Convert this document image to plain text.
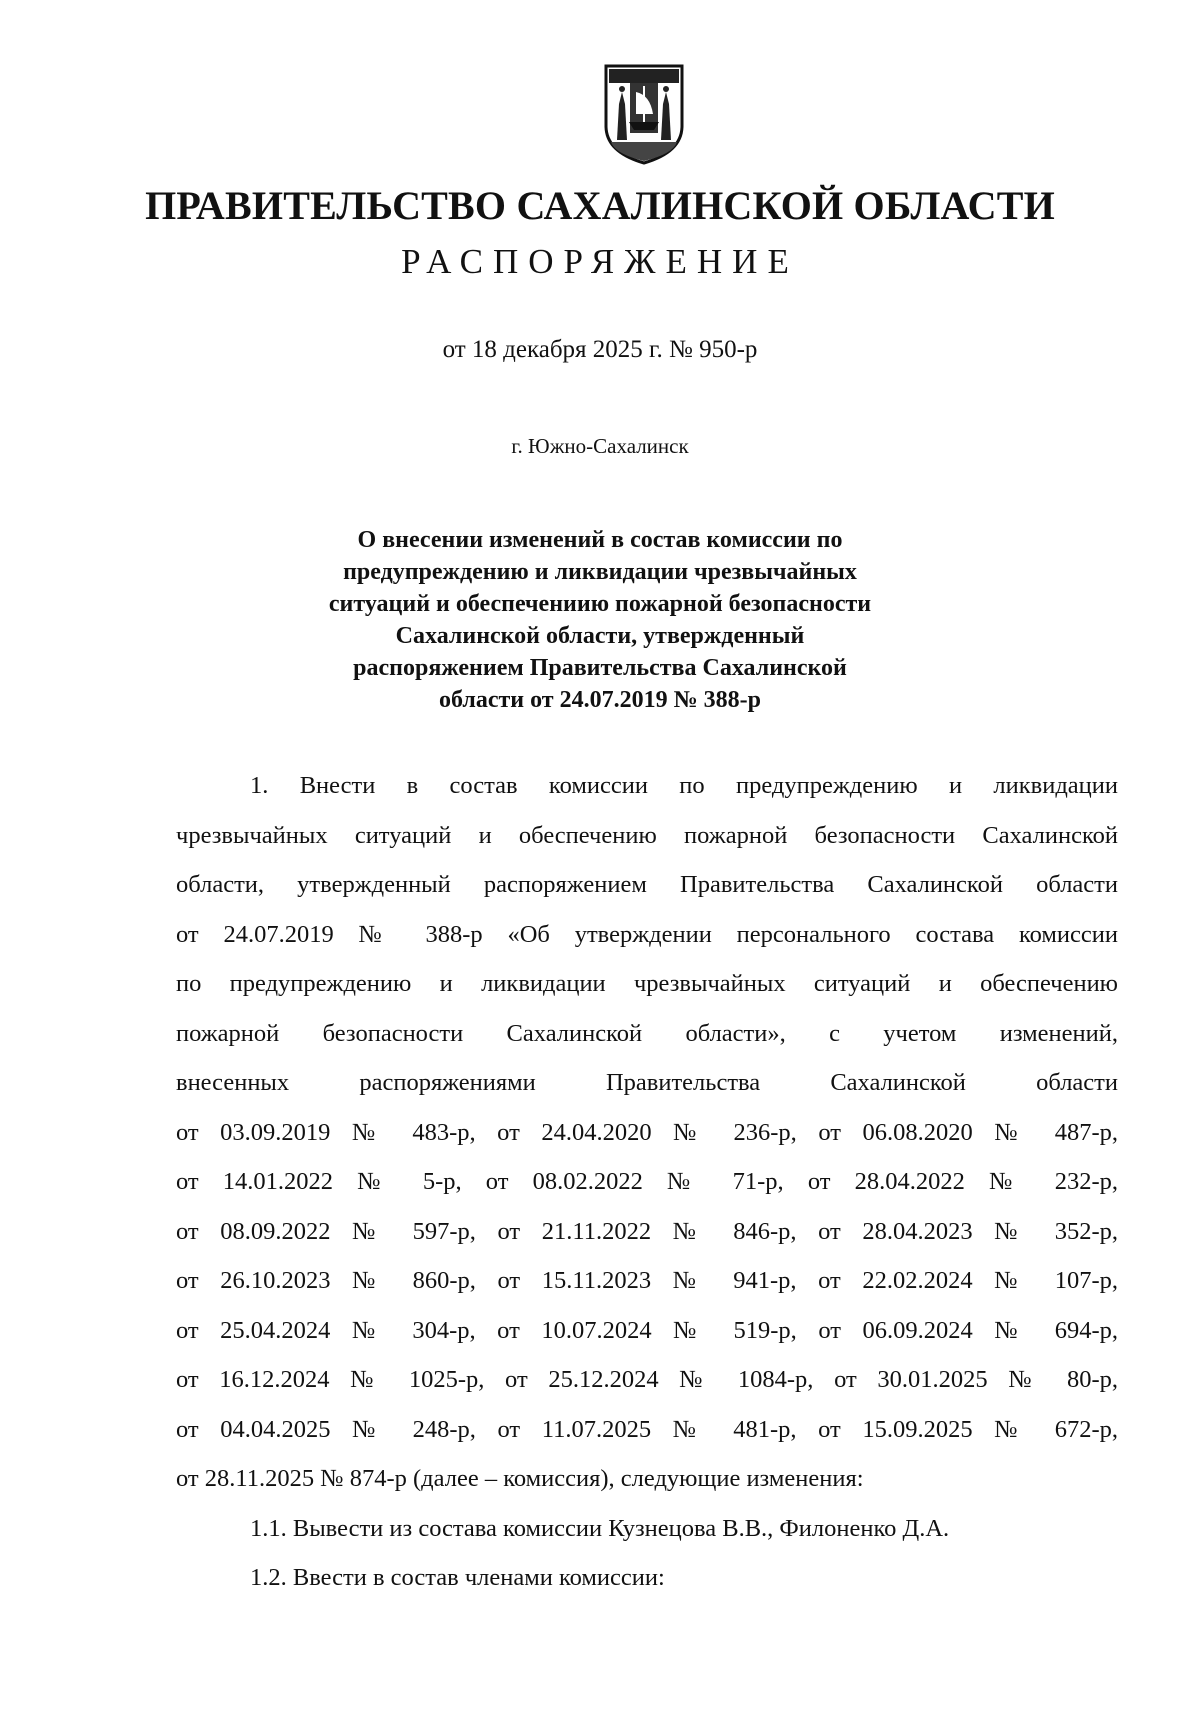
ПРАВИТЕЛЬСТВО САХАЛИНСКОЙ ОБЛАСТИ
РАСПОРЯЖЕНИЕ
от 18 декабря 2025 г. № 950-р
г. Южно-Сахалинск
О внесении изменений в состав комиссии по
предупреждению и ликвидации чрезвычайных
ситуаций и обеспечениию пожарной безопасности
Сахалинской области, утвержденный
распоряжением Правительства Сахалинской
области от 24.07.2019 № 388-р
1. Внести в состав комиссии по предупреждению и ликвидации
чрезвычайных ситуаций и обеспечению пожарной безопасности Сахалинской
области, утвержденный распоряжением Правительства Сахалинской области
от 24.07.2019 № 388-р «Об утверждении персонального состава комиссии
по предупреждению и ликвидации чрезвычайных ситуаций и обеспечению
пожарной безопасности Сахалинской области», с учетом изменений,
внесенных распоряжениями Правительства Сахалинской области
от 03.09.2019 № 483-р, от 24.04.2020 № 236-р, от 06.08.2020 № 487-р,
от 14.01.2022 № 5-р, от 08.02.2022 № 71-р, от 28.04.2022 № 232-р,
от 08.09.2022 № 597-р, от 21.11.2022 № 846-р, от 28.04.2023 № 352-р,
от 26.10.2023 № 860-р, от 15.11.2023 № 941-р, от 22.02.2024 № 107-р,
от 25.04.2024 № 304-р, от 10.07.2024 № 519-р, от 06.09.2024 № 694-р,
от 16.12.2024 № 1025-р, от 25.12.2024 № 1084-р, от 30.01.2025 № 80-р,
от 04.04.2025 № 248-р, от 11.07.2025 № 481-р, от 15.09.2025 № 672-р,
от 28.11.2025 № 874-р (далее – комиссия), следующие изменения:
1.1. Вывести из состава комиссии Кузнецова В.В., Филоненко Д.А.
1.2. Ввести в состав членами комиссии:
